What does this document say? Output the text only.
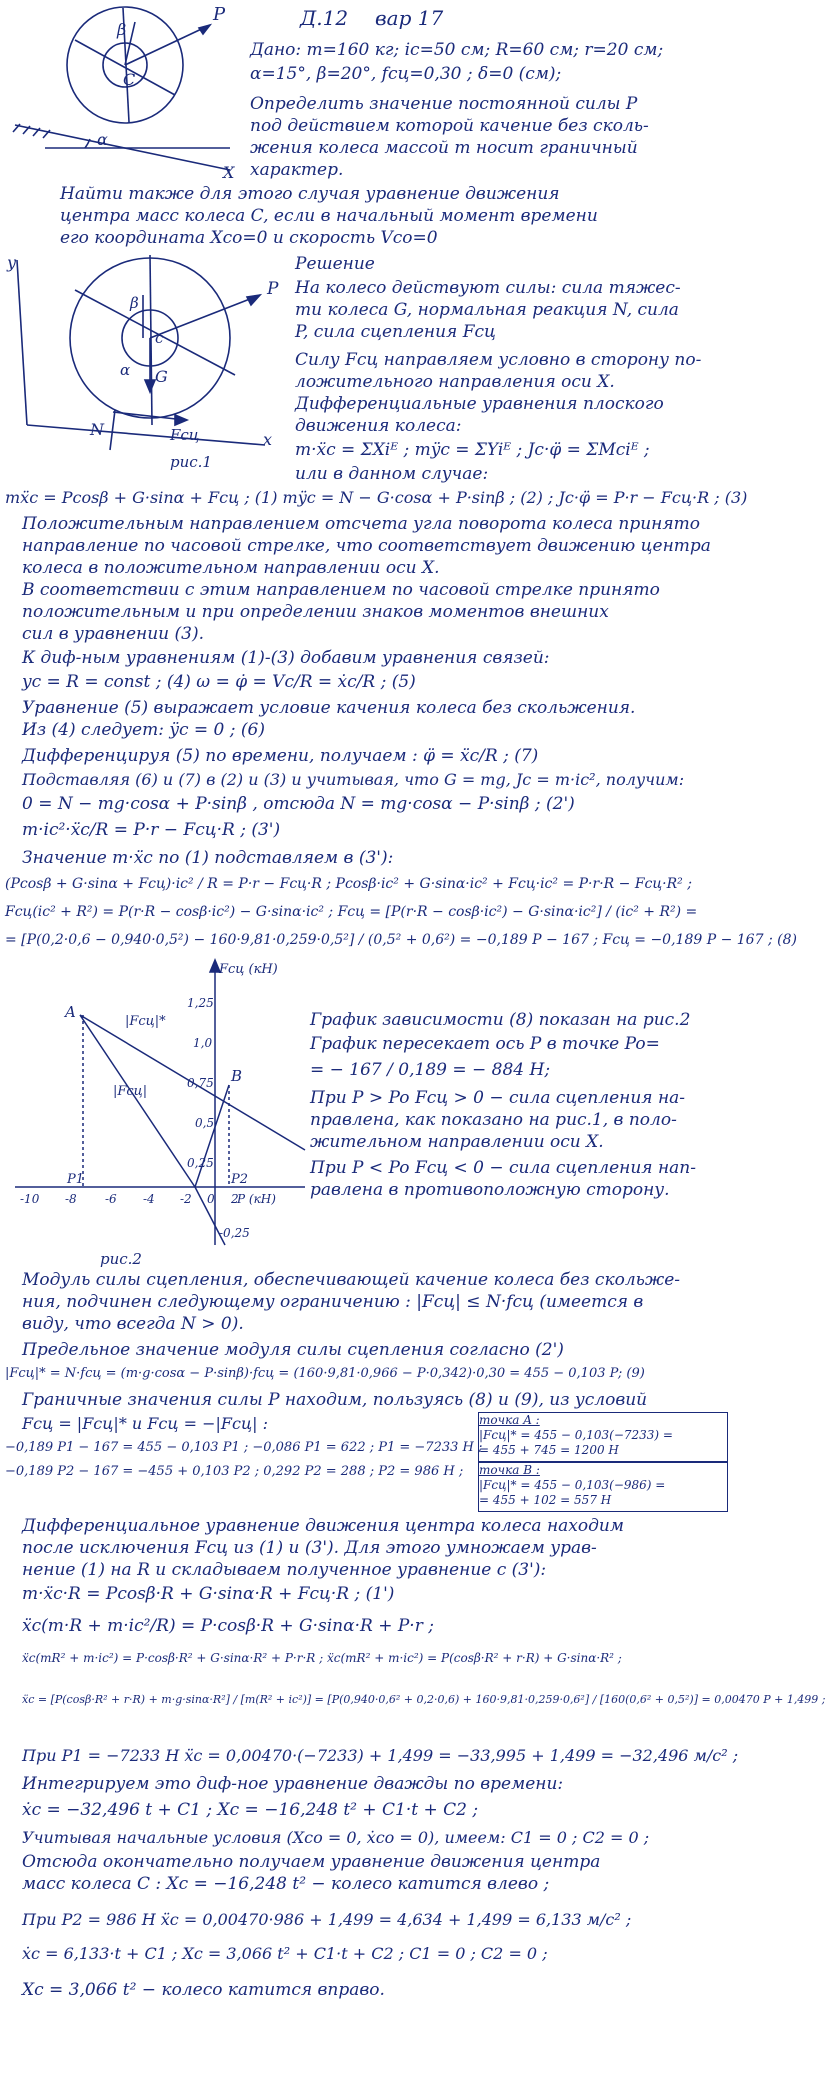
Д.12 вар 17
β
P
C
α
X
Дано: m=160 кг; ic=50 см; R=60 см; r=20 см;
α=15°, β=20°, fсц=0,30 ; δ=0 (см);
Определить значение постоянной силы P
под действием которой качение без сколь-
жения колеса массой m носит граничный
характер.
Найти также для этого случая уравнение движения
центра масс колеса C, если в начальный момент времени
его координата Xco=0 и скорость Vco=0
y
x
c
β
α
P
G
N	Fсц
рис.1
Решение
На колесо действуют силы: сила тяжес-
ти колеса G, нормальная реакция N, сила
P, сила сцепления Fсц
Силу Fсц направляем условно в сторону по-
ложительного направления оси X.
Дифференциальные уравнения плоского
движения колеса:
m·ẍc = ΣXiᴱ ; mÿc = ΣYiᴱ ; Jc·φ̈ = ΣMciᴱ ;
или в данном случае:
mẍc = Pcosβ + G·sinα + Fсц ; (1) mÿc = N − G·cosα + P·sinβ ; (2) ; Jc·φ̈ = P·r − Fсц·R ; (3)
Положительным направлением отсчета угла поворота колеса принято
направление по часовой стрелке, что соответствует движению центра
колеса в положительном направлении оси X.
В соответствии с этим направлением по часовой стрелке принято
положительным и при определении знаков моментов внешних
сил в уравнении (3).
К диф-ным уравнениям (1)-(3) добавим уравнения связей:
yc = R = const ; (4) ω = φ̇ = Vc/R = ẋc/R ; (5)
Уравнение (5) выражает условие качения колеса без скольжения.
Из (4) следует: ÿc = 0 ; (6)
Дифференцируя (5) по времени, получаем : φ̈ = ẍc/R ; (7)
Подставляя (6) и (7) в (2) и (3) и учитывая, что G = mg, Jc = m·ic², получим:
0 = N − mg·cosα + P·sinβ , отсюда N = mg·cosα − P·sinβ ; (2')
m·ic²·ẍc/R = P·r − Fсц·R ; (3')
Значение m·ẍc по (1) подставляем в (3'):
(Pcosβ + G·sinα + Fсц)·ic² / R = P·r − Fсц·R ; Pcosβ·ic² + G·sinα·ic² + Fсц·ic² = P·r·R − Fсц·R² ;
Fсц(ic² + R²) = P(r·R − cosβ·ic²) − G·sinα·ic² ; Fсц = [P(r·R − cosβ·ic²) − G·sinα·ic²] / (ic² + R²) =
= [P(0,2·0,6 − 0,940·0,5²) − 160·9,81·0,259·0,5²] / (0,5² + 0,6²) = −0,189 P − 167 ; Fсц = −0,189 P − 167 ; (8)
Fсц (кН)
P (кН)
-10 -8 -6 -4 -2 0 2
1,25
1,0
0,75
0,5
0,25
-0,25
A
B
P1	P2
|Fсц|*
|Fсц|
рис.2
График зависимости (8) показан на рис.2
График пересекает ось P в точке Po=
= − 167 / 0,189 = − 884 Н;
При P > Po Fсц > 0 − сила сцепления на-
правлена, как показано на рис.1, в поло-
жительном направлении оси X.
При P < Po Fсц < 0 − сила сцепления нап-
равлена в противоположную сторону.
Модуль силы сцепления, обеспечивающей качение колеса без скольже-
ния, подчинен следующему ограничению : |Fсц| ≤ N·fсц (имеется в
виду, что всегда N > 0).
Предельное значение модуля силы сцепления согласно (2')
|Fсц|* = N·fсц = (m·g·cosα − P·sinβ)·fсц = (160·9,81·0,966 − P·0,342)·0,30 = 455 − 0,103 P; (9)
Граничные значения силы P находим, пользуясь (8) и (9), из условий
Fсц = |Fсц|* и Fсц = −|Fсц| :
−0,189 P1 − 167 = 455 − 0,103 P1 ; −0,086 P1 = 622 ; P1 = −7233 Н ;
−0,189 P2 − 167 = −455 + 0,103 P2 ; 0,292 P2 = 288 ; P2 = 986 Н ;
точка A :
|Fсц|* = 455 − 0,103(−7233) =
= 455 + 745 = 1200 Н
точка B :
|Fсц|* = 455 − 0,103(−986) =
= 455 + 102 = 557 Н
Дифференциальное уравнение движения центра колеса находим
после исключения Fсц из (1) и (3'). Для этого умножаем урав-
нение (1) на R и складываем полученное уравнение с (3'):
m·ẍc·R = Pcosβ·R + G·sinα·R + Fсц·R ; (1')
ẍc(m·R + m·ic²/R) = P·cosβ·R + G·sinα·R + P·r ;
ẍc(mR² + m·ic²) = P·cosβ·R² + G·sinα·R² + P·r·R ; ẍc(mR² + m·ic²) = P(cosβ·R² + r·R) + G·sinα·R² ;
ẍc = [P(cosβ·R² + r·R) + m·g·sinα·R²] / [m(R² + ic²)] = [P(0,940·0,6² + 0,2·0,6) + 160·9,81·0,259·0,6²] / [160(0,6² + 0,5²)] = 0,00470 P + 1,499 ;
При P1 = −7233 Н ẍc = 0,00470·(−7233) + 1,499 = −33,995 + 1,499 = −32,496 м/с² ;
Интегрируем это диф-ное уравнение дважды по времени:
ẋc = −32,496 t + C1 ; Xc = −16,248 t² + C1·t + C2 ;
Учитывая начальные условия (Xco = 0, ẋco = 0), имеем: C1 = 0 ; C2 = 0 ;
Отсюда окончательно получаем уравнение движения центра
масс колеса C : Xc = −16,248 t² − колесо катится влево ;
При P2 = 986 Н ẍc = 0,00470·986 + 1,499 = 4,634 + 1,499 = 6,133 м/с² ;
ẋc = 6,133·t + C1 ; Xc = 3,066 t² + C1·t + C2 ; C1 = 0 ; C2 = 0 ;
Xc = 3,066 t² − колесо катится вправо.
